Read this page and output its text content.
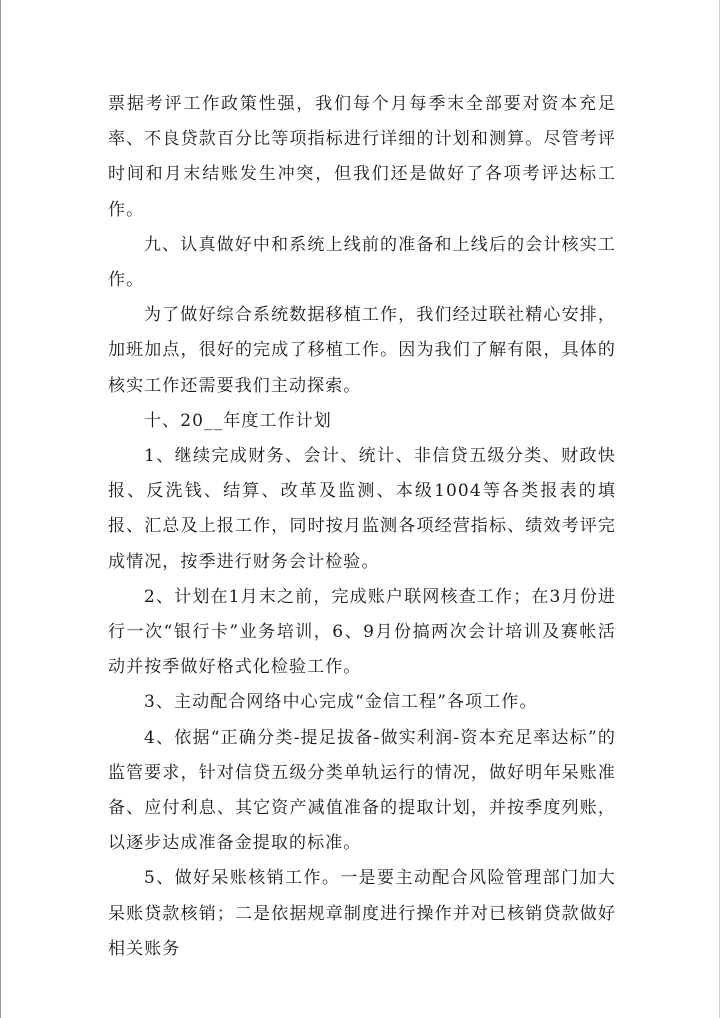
票据考评工作政策性强，我们每个月每季末全部要对资本充足率、不良贷款百分比等项指标进行详细的计划和测算。尽管考评时间和月末结账发生冲突，但我们还是做好了各项考评达标工作。

九、认真做好中和系统上线前的准备和上线后的会计核实工作。

为了做好综合系统数据移植工作，我们经过联社精心安排，加班加点，很好的完成了移植工作。因为我们了解有限，具体的核实工作还需要我们主动探索。

十、20__年度工作计划

1、继续完成财务、会计、统计、非信贷五级分类、财政快报、反洗钱、结算、改革及监测、本级1004等各类报表的填报、汇总及上报工作，同时按月监测各项经营指标、绩效考评完成情况，按季进行财务会计检验。

2、计划在1月末之前，完成账户联网核查工作；在3月份进行一次“银行卡”业务培训，6、9月份搞两次会计培训及赛帐活动并按季做好格式化检验工作。

3、主动配合网络中心完成“金信工程”各项工作。

4、依据“正确分类-提足拔备-做实利润-资本充足率达标”的监管要求，针对信贷五级分类单轨运行的情况，做好明年呆账准备、应付利息、其它资产减值准备的提取计划，并按季度列账，以逐步达成准备金提取的标准。

5、做好呆账核销工作。一是要主动配合风险管理部门加大呆账贷款核销；二是依据规章制度进行操作并对已核销贷款做好相关账务
